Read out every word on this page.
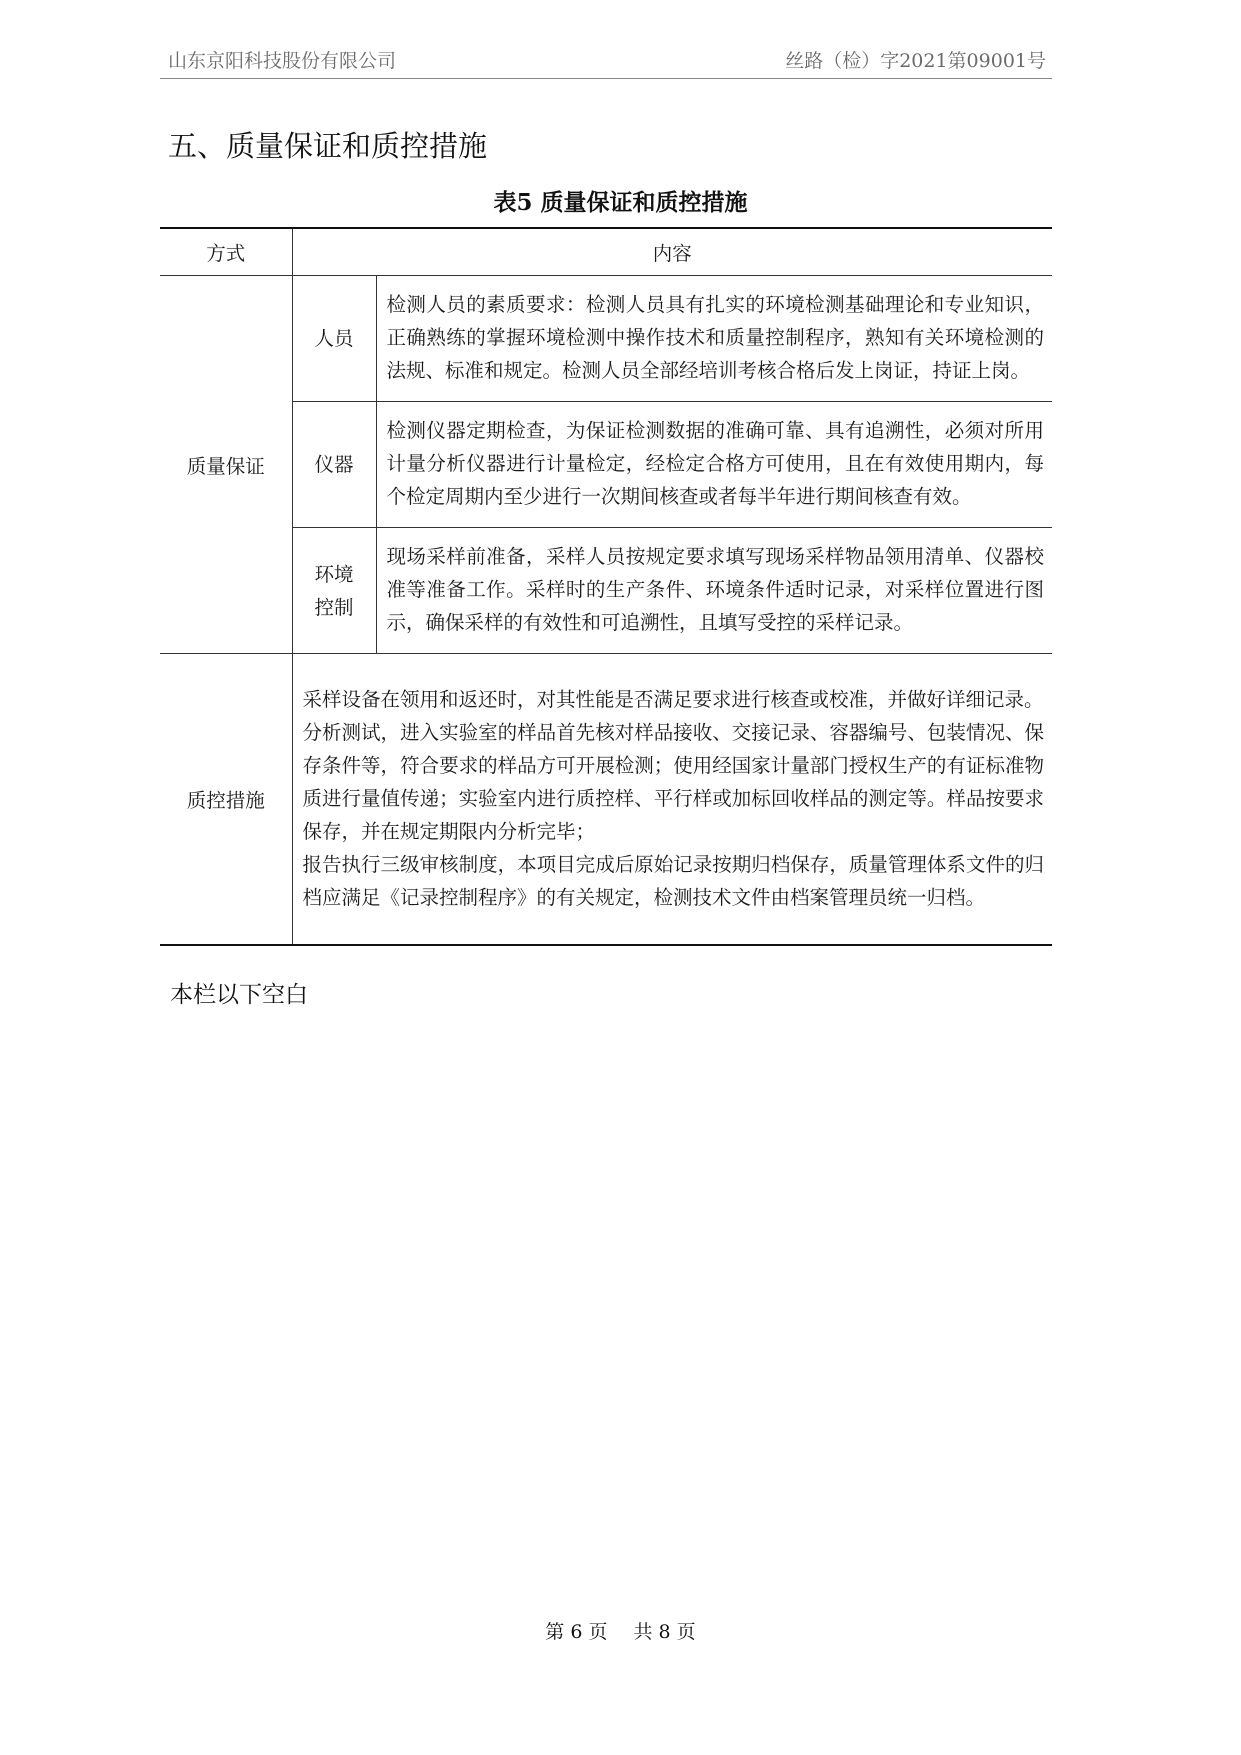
山东京阳科技股份有限公司	丝路（检）字2021第09001号
五、质量保证和质控措施
表5 质量保证和质控措施
方式	内容	
质量保证	人员	检测人员的素质要求：检测人员具有扎实的环境检测基础理论和专业知识，正确熟练的掌握环境检测中操作技术和质量控制程序，熟知有关环境检测的法规、标准和规定。检测人员全部经培训考核合格后发上岗证，持证上岗。
	仪器	检测仪器定期检查，为保证检测数据的准确可靠、具有追溯性，必须对所用计量分析仪器进行计量检定，经检定合格方可使用，且在有效使用期内，每个检定周期内至少进行一次期间核查或者每半年进行期间核查有效。

	环境
控制	现场采样前准备，采样人员按规定要求填写现场采样物品领用清单、仪器校准等准备工作。采样时的生产条件、环境条件适时记录，对采样位置进行图示，确保采样的有效性和可追溯性，且填写受控的采样记录。
质控措施	采样设备在领用和返还时，对其性能是否满足要求进行核查或校准，并做好详细记录。

分析测试，进入实验室的样品首先核对样品接收、交接记录、容器编号、包装情况、保存条件等，符合要求的样品方可开展检测；使用经国家计量部门授权生产的有证标准物质进行量值传递；实验室内进行质控样、平行样或加标回收样品的测定等。样品按要求保存，并在规定期限内分析完毕；

报告执行三级审核制度，本项目完成后原始记录按期归档保存，质量管理体系文件的归档应满足《记录控制程序》的有关规定，检测技术文件由档案管理员统一归档。	

本栏以下空白
第 6 页 共 8 页
